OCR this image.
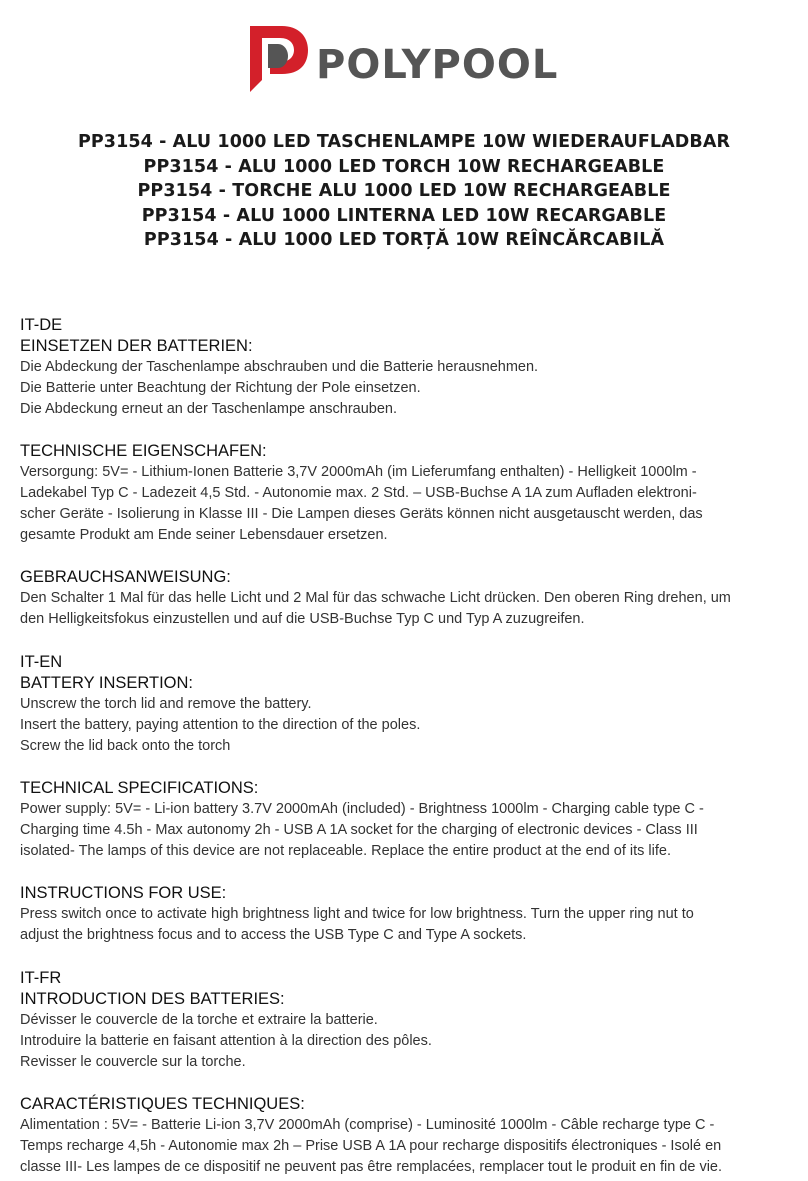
POLYPOOL
PP3154 - ALU 1000 LED TASCHENLAMPE 10W WIEDERAUFLADBAR
PP3154 - ALU 1000 LED TORCH 10W RECHARGEABLE
PP3154 - TORCHE ALU 1000 LED 10W RECHARGEABLE
PP3154 - ALU 1000 LINTERNA LED 10W RECARGABLE
PP3154 - ALU 1000 LED TORȚĂ 10W REÎNCĂRCABILĂ
IT-DE
EINSETZEN DER BATTERIEN:

Die Abdeckung der Taschenlampe abschrauben und die Batterie herausnehmen.

Die Batterie unter Beachtung der Richtung der Pole einsetzen.

Die Abdeckung erneut an der Taschenlampe anschrauben.

TECHNISCHE EIGENSCHAFEN:

Versorgung: 5V= - Lithium-Ionen Batterie 3,7V 2000mAh (im Lieferumfang enthalten) - Helligkeit 1000lm -

Ladekabel Typ C - Ladezeit 4,5 Std. - Autonomie max. 2 Std. – USB-Buchse A 1A zum Aufladen elektroni-

scher Geräte - Isolierung in Klasse III - Die Lampen dieses Geräts können nicht ausgetauscht werden, das

gesamte Produkt am Ende seiner Lebensdauer ersetzen.

GEBRAUCHSANWEISUNG:

Den Schalter 1 Mal für das helle Licht und 2 Mal für das schwache Licht drücken. Den oberen Ring drehen, um

den Helligkeitsfokus einzustellen und auf die USB-Buchse Typ C und Typ A zuzugreifen.

IT-EN
BATTERY INSERTION:

Unscrew the torch lid and remove the battery.

Insert the battery, paying attention to the direction of the poles.

Screw the lid back onto the torch

TECHNICAL SPECIFICATIONS:

Power supply: 5V= - Li-ion battery 3.7V 2000mAh (included) - Brightness 1000lm - Charging cable type C -

Charging time 4.5h - Max autonomy 2h - USB A 1A socket for the charging of electronic devices - Class III

isolated- The lamps of this device are not replaceable. Replace the entire product at the end of its life.

INSTRUCTIONS FOR USE:

Press switch once to activate high brightness light and twice for low brightness. Turn the upper ring nut to

adjust the brightness focus and to access the USB Type C and Type A sockets.

IT-FR
INTRODUCTION DES BATTERIES:

Dévisser le couvercle de la torche et extraire la batterie.

Introduire la batterie en faisant attention à la direction des pôles.

Revisser le couvercle sur la torche.

CARACTÉRISTIQUES TECHNIQUES:

Alimentation : 5V= - Batterie Li-ion 3,7V 2000mAh (comprise) - Luminosité 1000lm - Câble recharge type C -

Temps recharge 4,5h - Autonomie max 2h – Prise USB A 1A pour recharge dispositifs électroniques - Isolé en

classe III- Les lampes de ce dispositif ne peuvent pas être remplacées, remplacer tout le produit en fin de vie.
